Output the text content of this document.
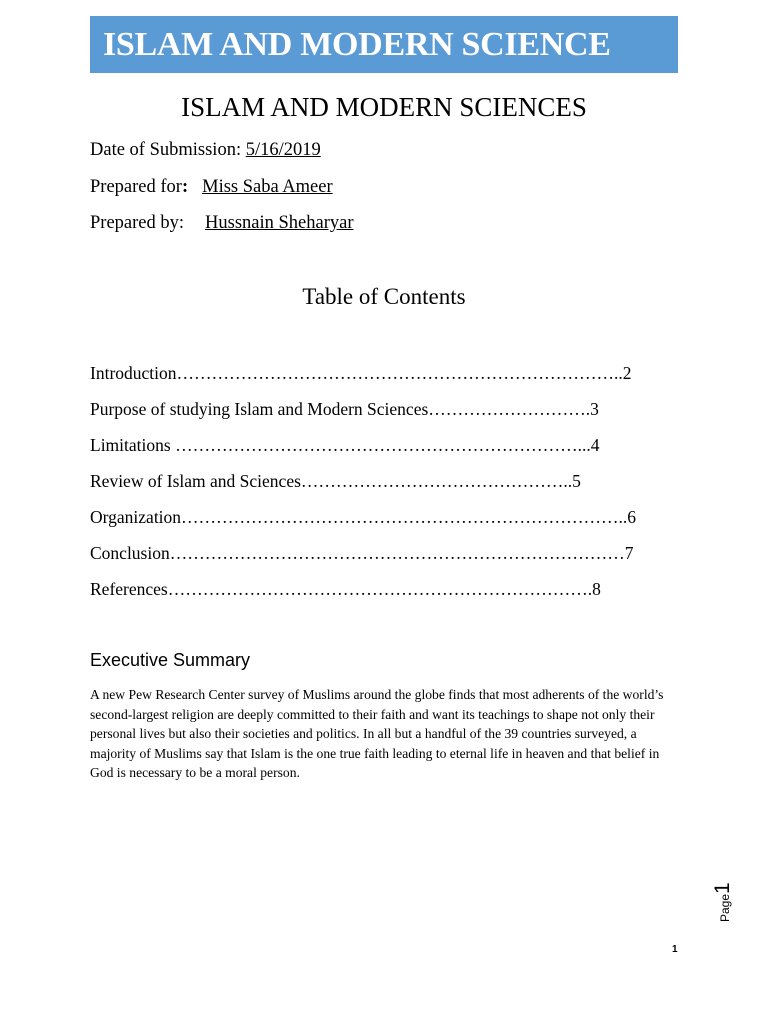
ISLAM AND MODERN SCIENCE
ISLAM AND MODERN SCIENCES
Date of Submission: 5/16/2019
Prepared for: Miss Saba Ameer
Prepared by: Hussnain Sheharyar
Table of Contents
Introduction…………………………………………………………………..2
Purpose of studying Islam and Modern Sciences……………………….3
Limitations ……………………………………………………………...4
Review of Islam and Sciences………………………………………..5
Organization…………………………………………………………………..6
Conclusion……………………………………………………………………7
References……………………………………………………………….8
Executive Summary
A new Pew Research Center survey of Muslims around the globe finds that most adherents of the world’s second-largest religion are deeply committed to their faith and want its teachings to shape not only their personal lives but also their societies and politics. In all but a handful of the 39 countries surveyed, a majority of Muslims say that Islam is the one true faith leading to eternal life in heaven and that belief in God is necessary to be a moral person.
Page1
1
